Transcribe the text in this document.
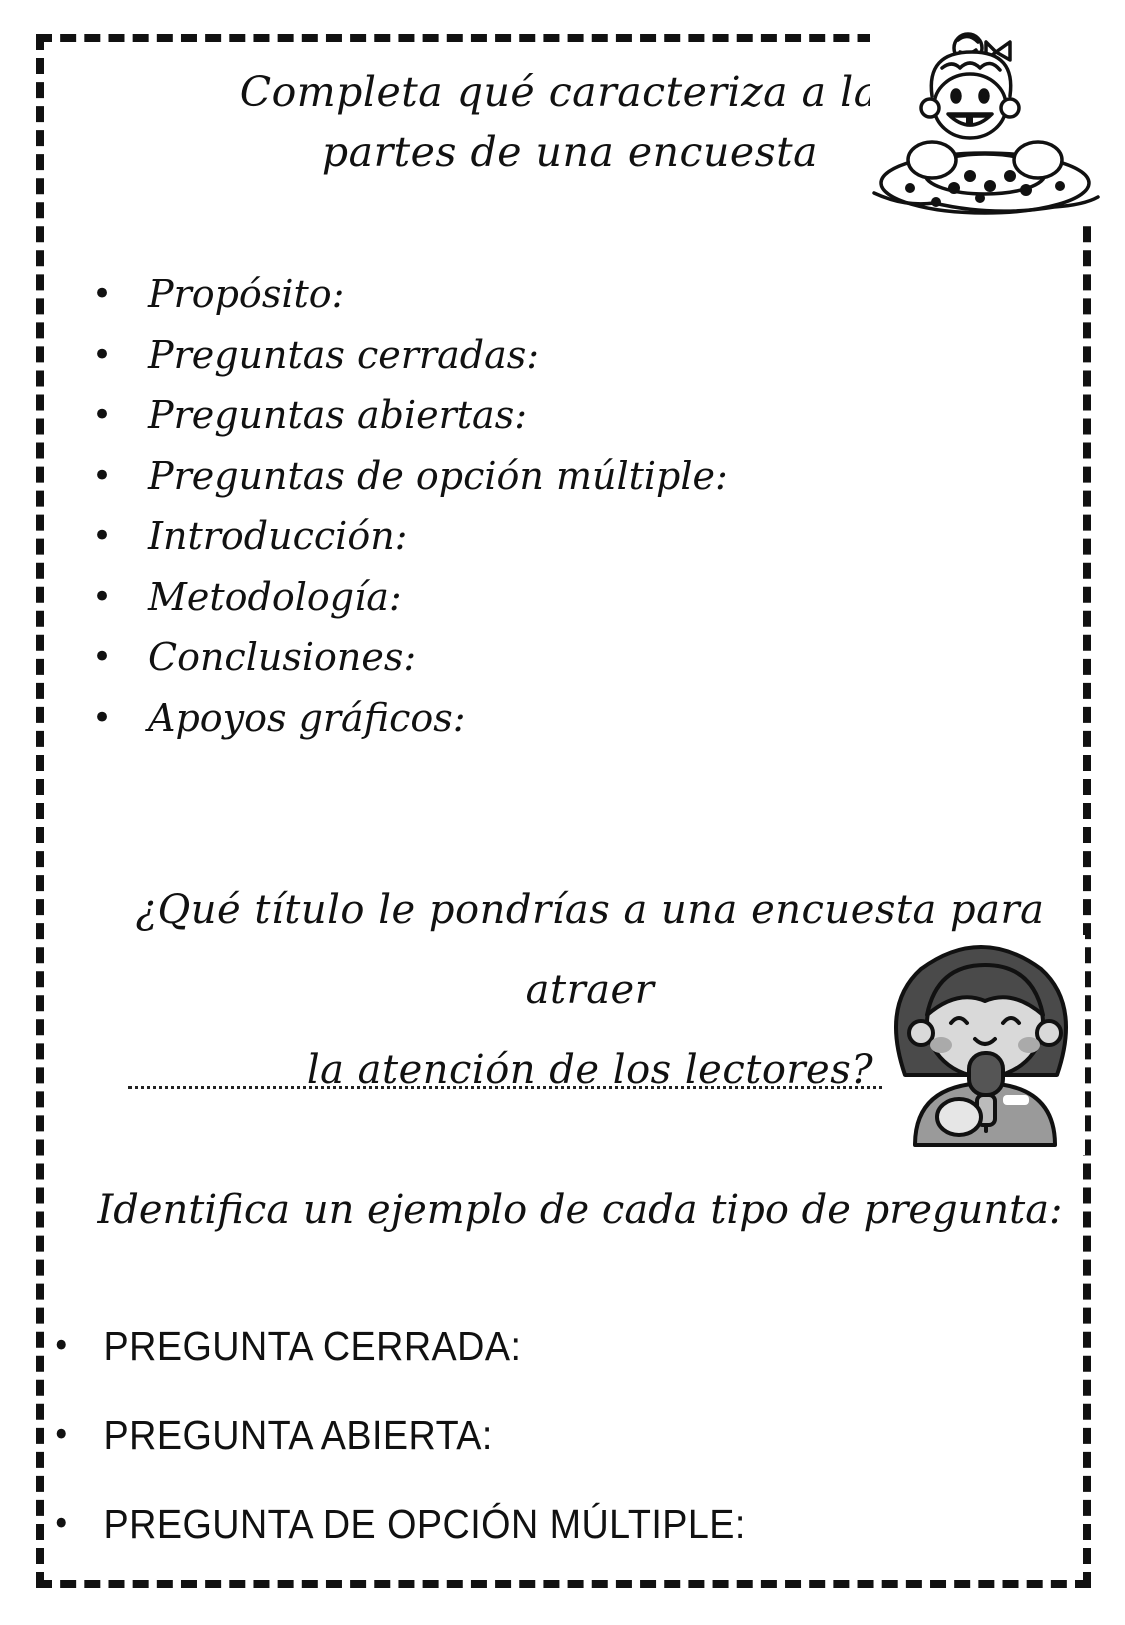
Completa qué caracteriza a las
partes de una encuesta
• Propósito:
• Preguntas cerradas:
• Preguntas abiertas:
• Preguntas de opción múltiple:
• Introducción:
• Metodología:
• Conclusiones:
• Apoyos gráficos:
¿Qué título le pondrías a una encuesta para atraer
la atención de los lectores?
Identifica un ejemplo de cada tipo de pregunta:
• PREGUNTA CERRADA:
• PREGUNTA ABIERTA:
• PREGUNTA DE OPCIÓN MÚLTIPLE:
